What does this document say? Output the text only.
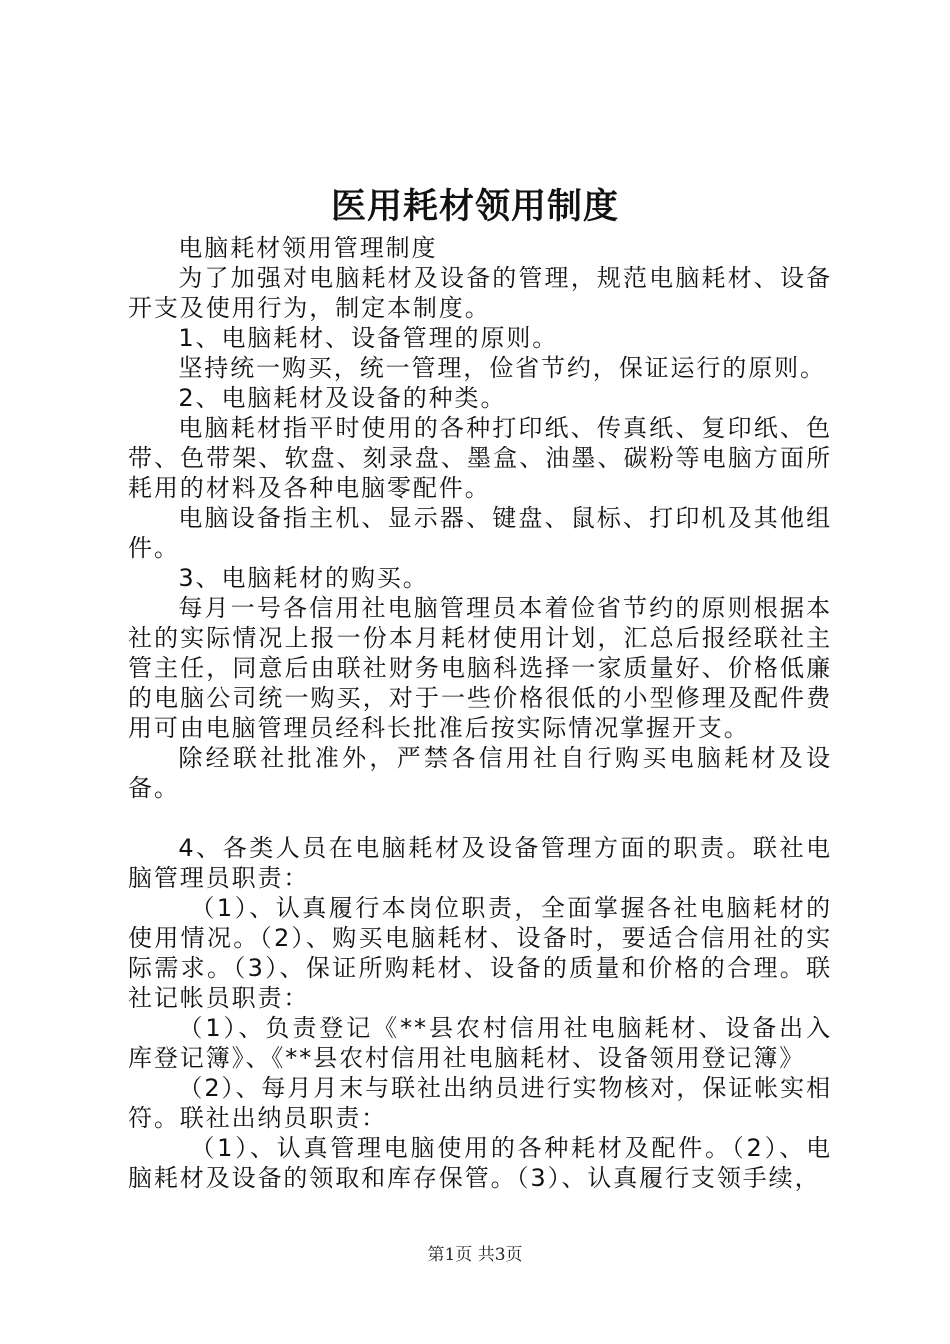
医用耗材领用制度

电脑耗材领用管理制度

为了加强对电脑耗材及设备的管理，规范电脑耗材、设备开支及使用行为，制定本制度。

1、电脑耗材、设备管理的原则。

坚持统一购买，统一管理，俭省节约，保证运行的原则。

2、电脑耗材及设备的种类。

电脑耗材指平时使用的各种打印纸、传真纸、复印纸、色带、色带架、软盘、刻录盘、墨盒、油墨、碳粉等电脑方面所耗用的材料及各种电脑零配件。

电脑设备指主机、显示器、键盘、鼠标、打印机及其他组件。

3、电脑耗材的购买。

每月一号各信用社电脑管理员本着俭省节约的原则根据本社的实际情况上报一份本月耗材使用计划，汇总后报经联社主管主任，同意后由联社财务电脑科选择一家质量好、价格低廉的电脑公司统一购买，对于一些价格很低的小型修理及配件费用可由电脑管理员经科长批准后按实际情况掌握开支。

除经联社批准外，严禁各信用社自行购买电脑耗材及设备。

4、各类人员在电脑耗材及设备管理方面的职责。联社电脑管理员职责：

（1）、认真履行本岗位职责，全面掌握各社电脑耗材的使用情况。（2）、购买电脑耗材、设备时，要适合信用社的实际需求。（3）、保证所购耗材、设备的质量和价格的合理。联社记帐员职责：

（1）、负责登记《**县农村信用社电脑耗材、设备出入库登记簿》、《**县农村信用社电脑耗材、设备领用登记簿》

（2）、每月月末与联社出纳员进行实物核对，保证帐实相符。联社出纳员职责：

（1）、认真管理电脑使用的各种耗材及配件。（2）、电脑耗材及设备的领取和库存保管。（3）、认真履行支领手续，

第1页 共3页
